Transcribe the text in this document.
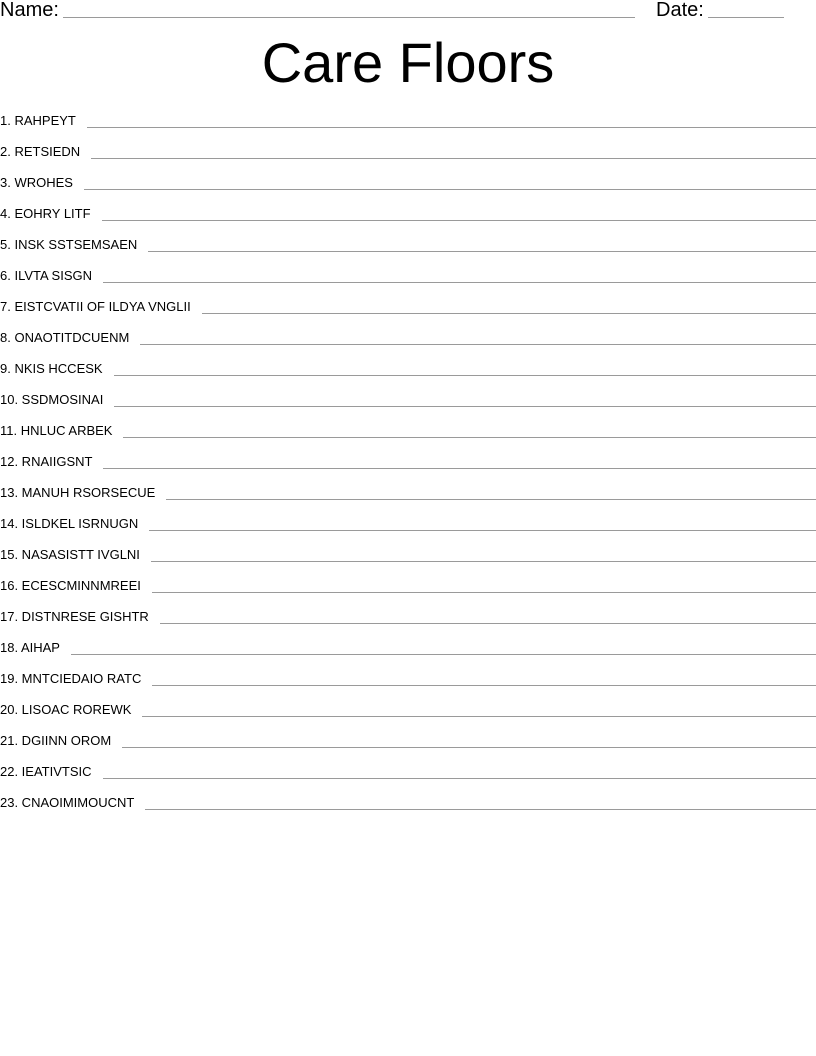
Name:	Date:
Care Floors
1. RAHPEYT
2. RETSIEDN
3. WROHES
4. EOHRY LITF
5. INSK SSTSEMSAEN
6. ILVTA SISGN
7. EISTCVATII OF ILDYA VNGLII
8. ONAOTITDCUENM
9. NKIS HCCESK
10. SSDMOSINAI
11. HNLUC ARBEK
12. RNAIIGSNT
13. MANUH RSORSECUE
14. ISLDKEL ISRNUGN
15. NASASISTT IVGLNI
16. ECESCMINNMREEI
17. DISTNRESE GISHTR
18. AIHAP
19. MNTCIEDAIO RATC
20. LISOAC ROREWK
21. DGIINN OROM
22. IEATIVTSIC
23. CNAOIMIMOUCNT
